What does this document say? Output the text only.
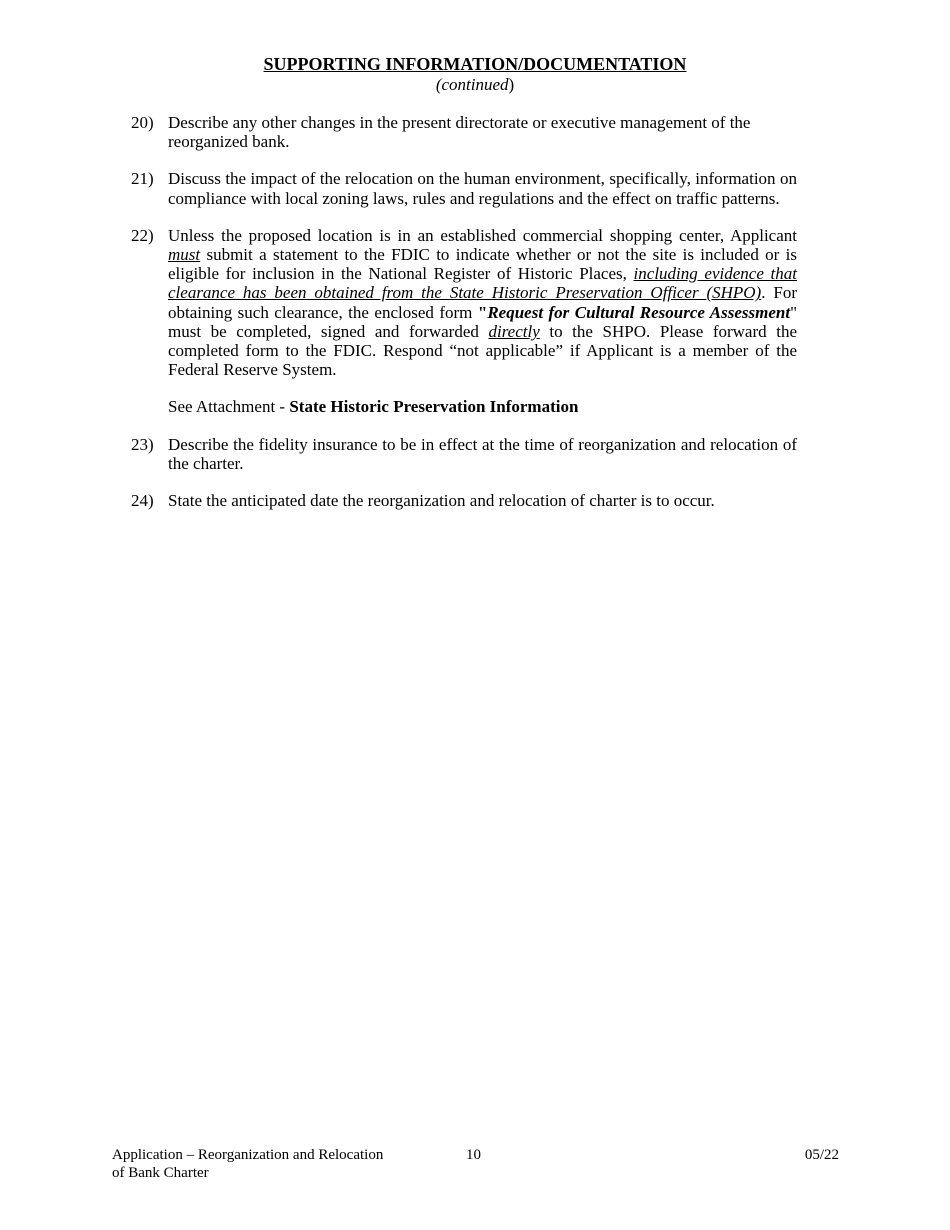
SUPPORTING INFORMATION/DOCUMENTATION
(continued)
20) Describe any other changes in the present directorate or executive management of the reorganized bank.
21) Discuss the impact of the relocation on the human environment, specifically, information on compliance with local zoning laws, rules and regulations and the effect on traffic patterns.
22) Unless the proposed location is in an established commercial shopping center, Applicant must submit a statement to the FDIC to indicate whether or not the site is included or is eligible for inclusion in the National Register of Historic Places, including evidence that clearance has been obtained from the State Historic Preservation Officer (SHPO). For obtaining such clearance, the enclosed form "Request for Cultural Resource Assessment" must be completed, signed and forwarded directly to the SHPO. Please forward the completed form to the FDIC. Respond “not applicable” if Applicant is a member of the Federal Reserve System.
See Attachment - State Historic Preservation Information
23) Describe the fidelity insurance to be in effect at the time of reorganization and relocation of the charter.
24) State the anticipated date the reorganization and relocation of charter is to occur.
Application – Reorganization and Relocation
of Bank Charter
10	05/22
